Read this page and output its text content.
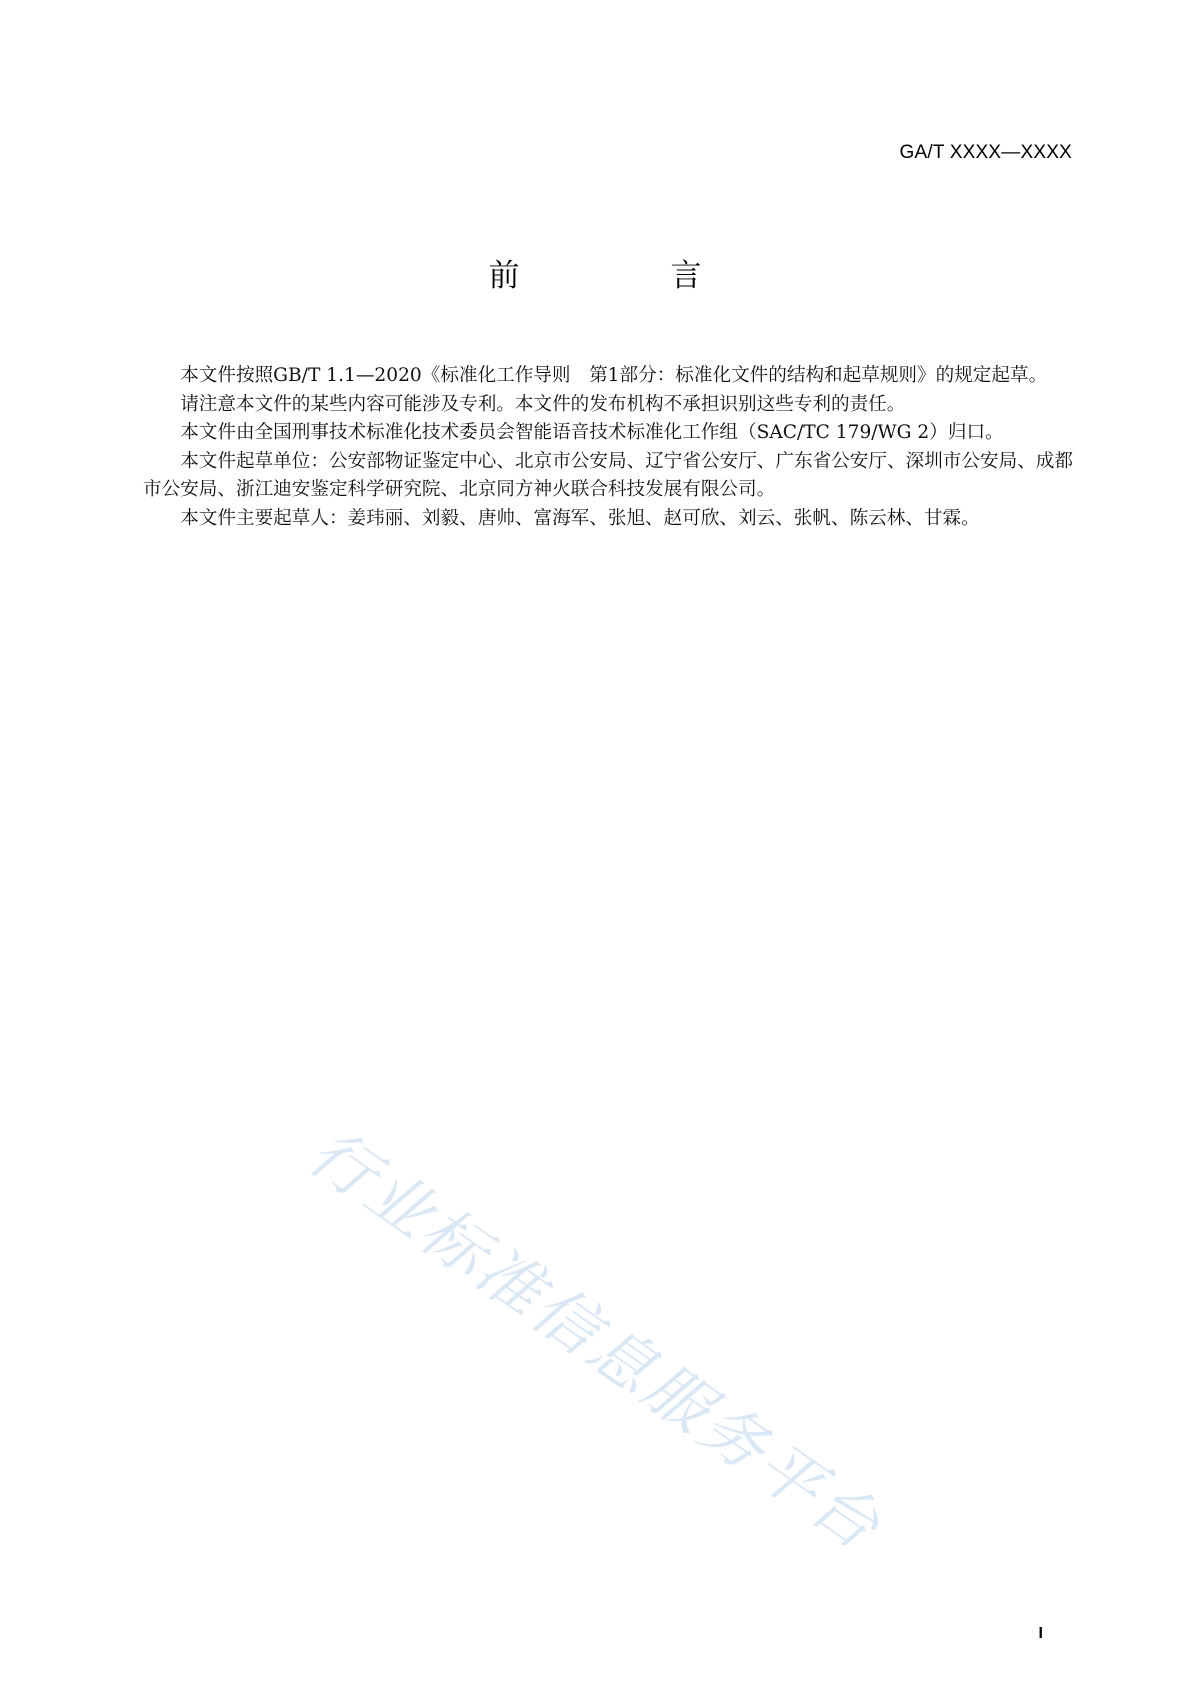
GA/T XXXX—XXXX
前　言

本文件按照GB/T 1.1—2020《标准化工作导则　第1部分：标准化文件的结构和起草规则》的规定起草。

请注意本文件的某些内容可能涉及专利。本文件的发布机构不承担识别这些专利的责任。

本文件由全国刑事技术标准化技术委员会智能语音技术标准化工作组（SAC/TC 179/WG 2）归口。

本文件起草单位：公安部物证鉴定中心、北京市公安局、辽宁省公安厅、广东省公安厅、深圳市公安局、成都市公安局、浙江迪安鉴定科学研究院、北京同方神火联合科技发展有限公司。

本文件主要起草人：姜玮丽、刘毅、唐帅、富海军、张旭、赵可欣、刘云、张帆、陈云林、甘霖。

行业标准信息服务平台
I
